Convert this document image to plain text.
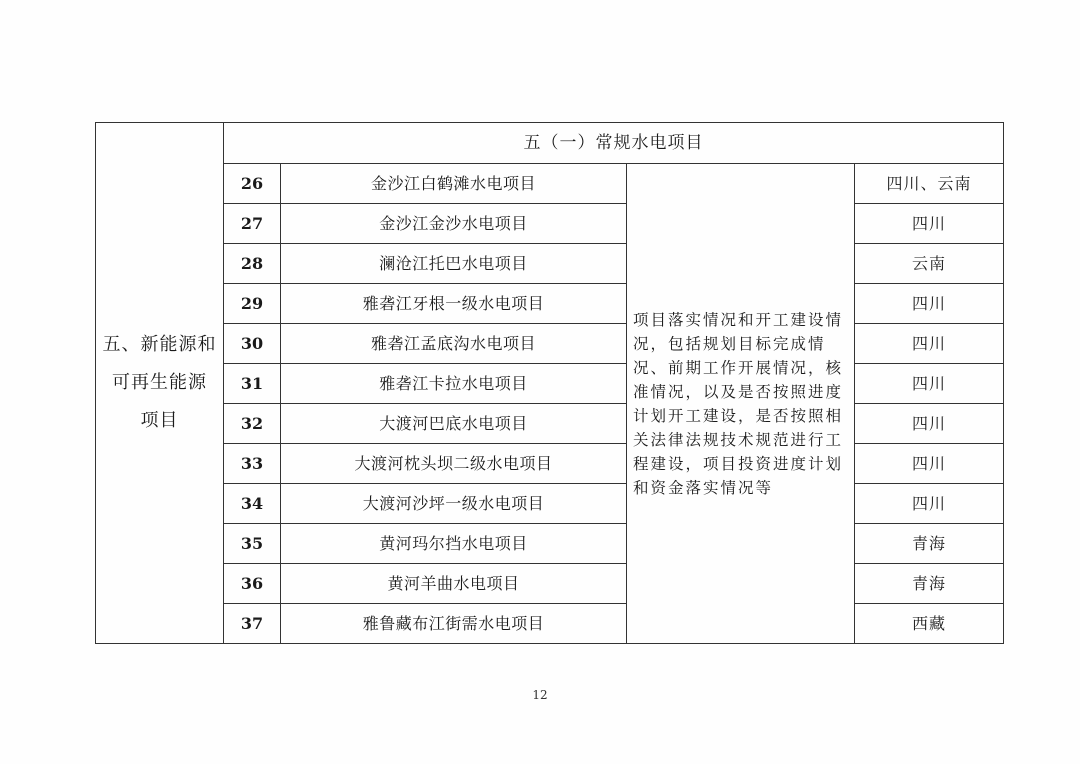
五、新能源和
可再生能源
项目	五（一）常规水电项目			
	26	金沙江白鹤滩水电项目	项目落实情况和开工建设情况，包括规划目标完成情况、前期工作开展情况，核准情况，以及是否按照进度计划开工建设，是否按照相关法律法规技术规范进行工程建设，项目投资进度计划和资金落实情况等	四川、云南
	27	金沙江金沙水电项目		四川
	28	澜沧江托巴水电项目		云南
	29	雅砻江牙根一级水电项目		四川
	30	雅砻江孟底沟水电项目		四川
	31	雅砻江卡拉水电项目		四川
	32	大渡河巴底水电项目		四川
	33	大渡河枕头坝二级水电项目		四川
	34	大渡河沙坪一级水电项目		四川
	35	黄河玛尔挡水电项目		青海
	36	黄河羊曲水电项目		青海
	37	雅鲁藏布江街需水电项目		西藏
12
